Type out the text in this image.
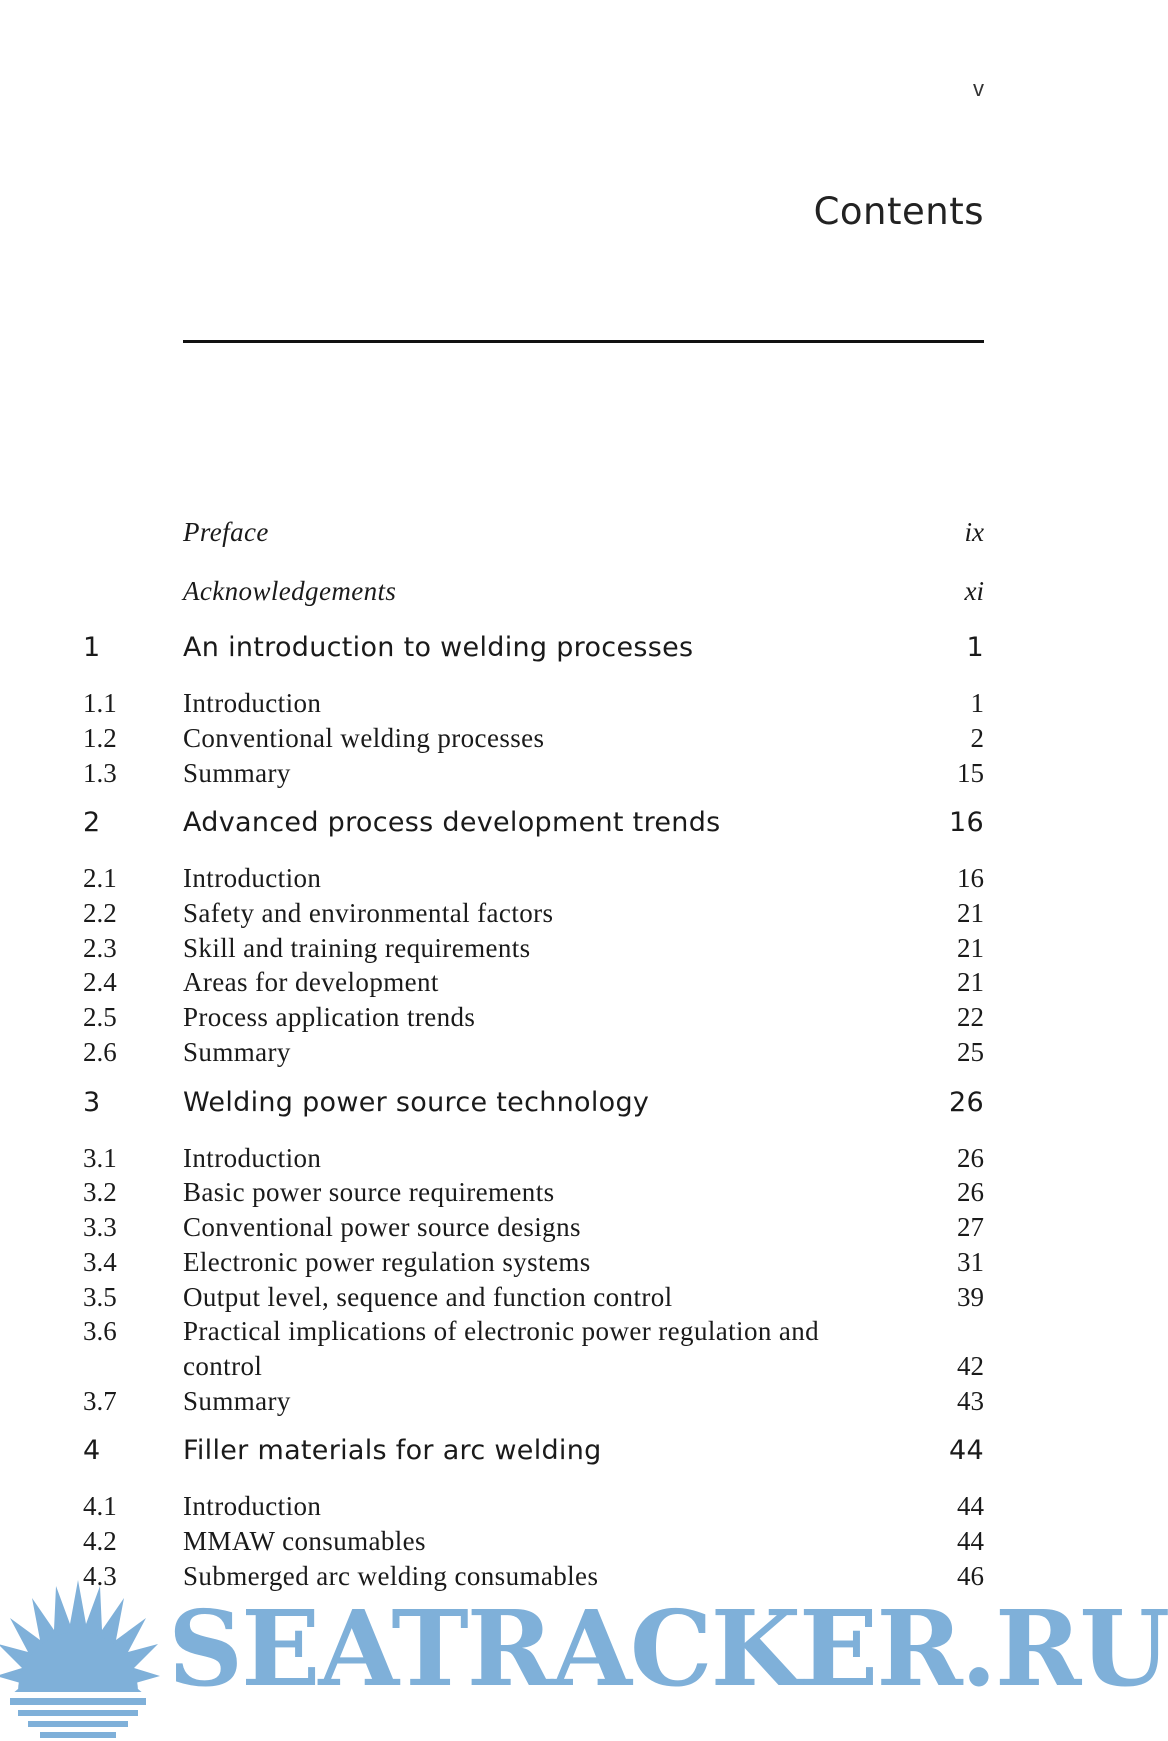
v
Contents
Preface	ix
Acknowledgements	xi
1	An introduction to welding processes	1
1.1 Introduction	1
1.2 Conventional welding processes	2
1.3 Summary	15
2	Advanced process development trends	16
2.1 Introduction	16
2.2 Safety and environmental factors	21
2.3 Skill and training requirements	21
2.4 Areas for development	21
2.5 Process application trends	22
2.6 Summary	25
3	Welding power source technology	26
3.1 Introduction	26
3.2 Basic power source requirements	26
3.3 Conventional power source designs	27
3.4 Electronic power regulation systems	31
3.5 Output level, sequence and function control	39
3.6 Practical implications of electronic power regulation and
control	42
3.7 Summary	43
4	Filler materials for arc welding	44
4.1 Introduction	44
4.2 MMAW consumables	44
4.3 Submerged arc welding consumables	46
SEATRACKER.RU
